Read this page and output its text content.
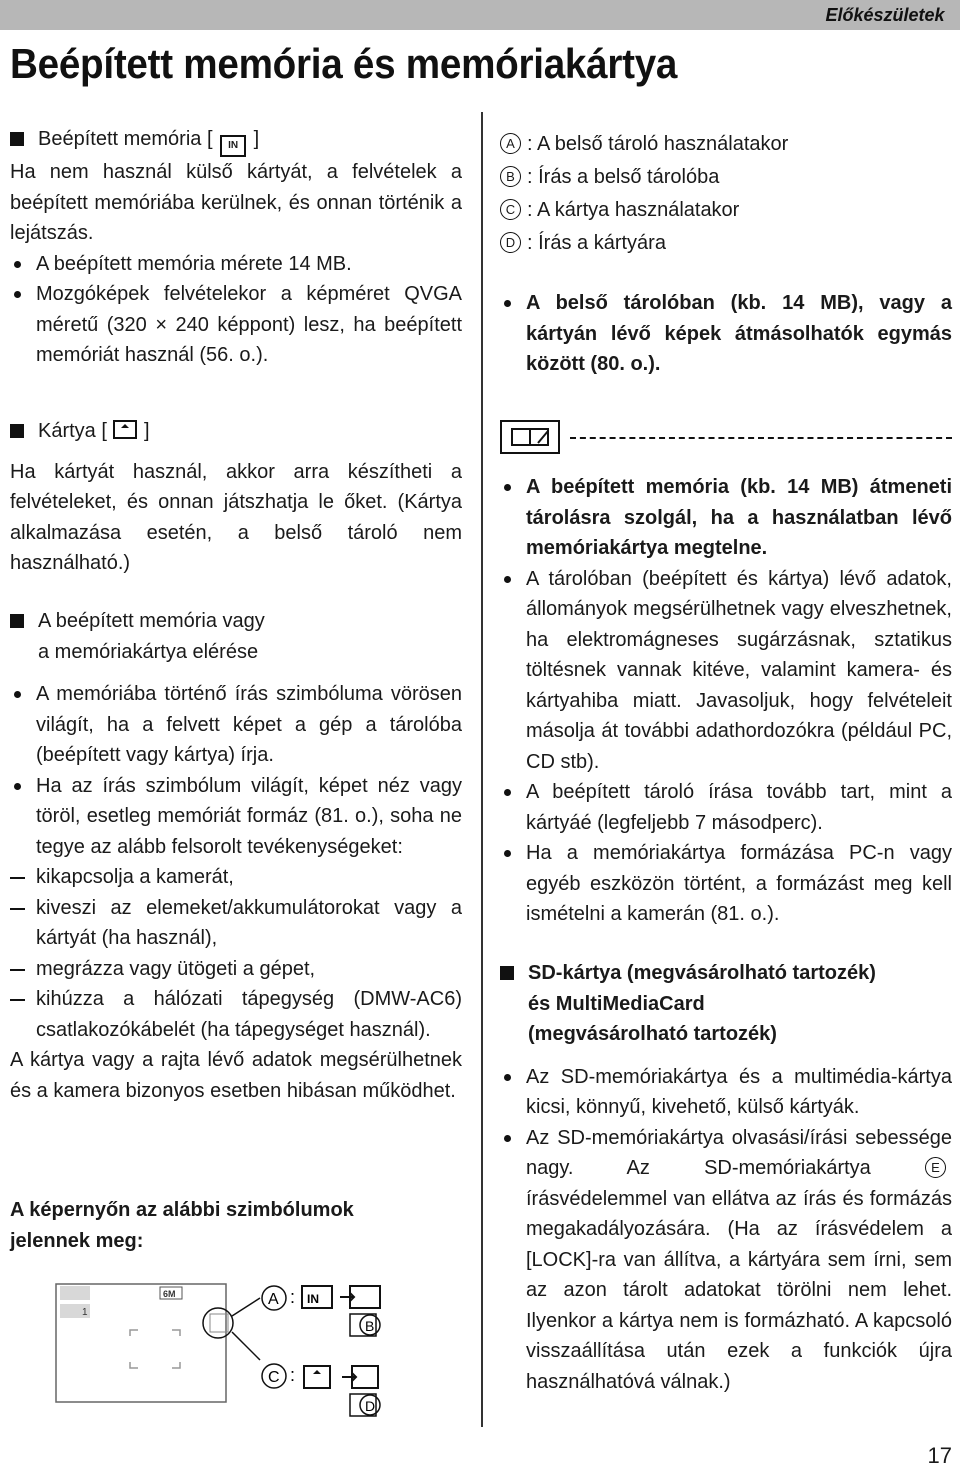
Előkészületek
Beépített memória és memóriakártya
Beépített memória [ IN ]
Ha nem használ külső kártyát, a felvételek a beépített memóriába kerülnek, és onnan történik a lejátszás.
A beépített memória mérete 14 MB.
Mozgóképek felvételekor a képméret QVGA méretű (320 × 240 képpont) lesz, ha beépített memóriát használ (56. o.).
Kártya [ ]
Ha kártyát használ, akkor arra készítheti a felvételeket, és onnan játszhatja le őket. (Kártya alkalmazása esetén, a belső tároló nem használható.)
A beépített memória vagy
a memóriakártya elérése
A memóriába történő írás szimbóluma vörösen világít, ha a felvett képet a gép a tárolóba (beépített vagy kártya) írja.
Ha az írás szimbólum világít, képet néz vagy töröl, esetleg memóriát formáz (81. o.), soha ne tegye az alább felsorolt tevékenységeket:
kikapcsolja a kamerát,
kiveszi az elemeket/akkumulátorokat vagy a kártyát (ha használ),
megrázza vagy ütögeti a gépet,
kihúzza a hálózati tápegység (DMW-AC6) csatlakozókábelét (ha tápegységet használ).
A kártya vagy a rajta lévő adatok megsérülhetnek és a kamera bizonyos esetben hibásan működhet.
A képernyőn az alábbi szimbólumok jelennek meg:
1
6M	A : IN
B
C :
D
A : A belső tároló használatakor
B : Írás a belső tárolóba
C : A kártya használatakor
D : Írás a kártyára
A belső tárolóban (kb. 14 MB), vagy a kártyán lévő képek átmásolhatók egymás között (80. o.).
A beépített memória (kb. 14 MB) átmeneti tárolásra szolgál, ha a használatban lévő memóriakártya megtelne.
A tárolóban (beépített és kártya) lévő adatok, állományok megsérülhetnek vagy elveszhetnek, ha elektromágneses sugárzásnak, sztatikus töltésnek vannak kitéve, valamint kamera- és kártyahiba miatt. Javasoljuk, hogy felvételeit másolja át további adathordozókra (például PC, CD stb).
A beépített tároló írása tovább tart, mint a kártyáé (legfeljebb 7 másodperc).
Ha a memóriakártya formázása PC-n vagy egyéb eszközön történt, a formázást meg kell ismételni a kamerán (81. o.).
SD-kártya (megvásárolható tartozék)
és MultiMediaCard
(megvásárolható tartozék)
Az SD-memóriakártya és a multimédia-kártya kicsi, könnyű, kivehető, külső kártyák.
Az SD-memóriakártya olvasási/írási sebessége nagy. Az SD-memóriakártya	E írásvédelemmel van ellátva az írás és formázás megakadályozására. (Ha az írásvédelem a [LOCK]-ra van állítva, a kártyára sem írni, sem az azon tárolt adatokat törölni nem lehet. Ilyenkor a kártya nem is formázható. A kapcsoló visszaállítása után ezek a funkciók újra használhatóvá válnak.)
17
